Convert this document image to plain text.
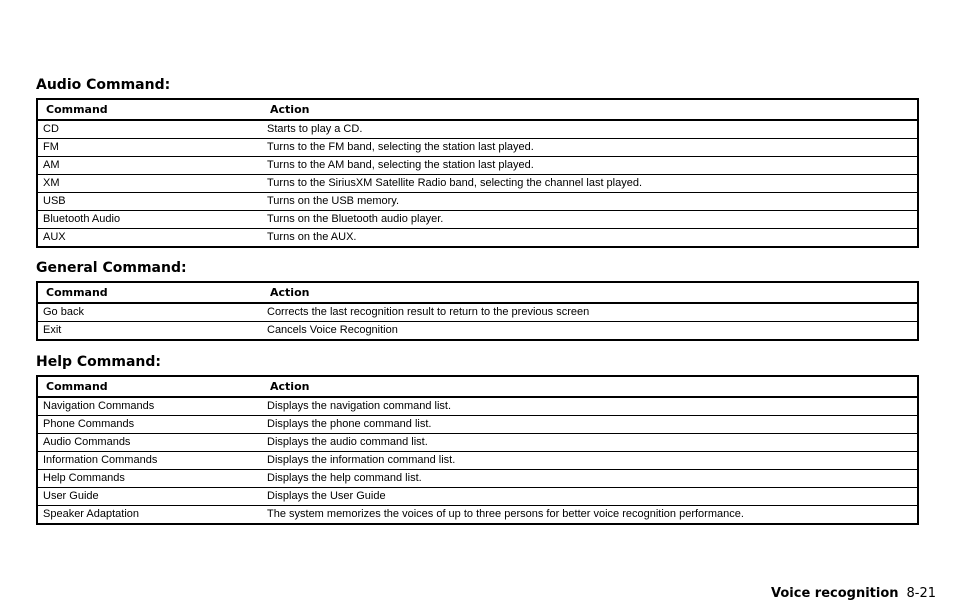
Audio Command:
Command	Action
CD	Starts to play a CD.
FM	Turns to the FM band, selecting the station last played.
AM	Turns to the AM band, selecting the station last played.
XM	Turns to the SiriusXM Satellite Radio band, selecting the channel last played.
USB	Turns on the USB memory.
Bluetooth Audio	Turns on the Bluetooth audio player.
AUX	Turns on the AUX.
General Command:
Command	Action
Go back	Corrects the last recognition result to return to the previous screen
Exit	Cancels Voice Recognition
Help Command:
Command	Action
Navigation Commands	Displays the navigation command list.
Phone Commands	Displays the phone command list.
Audio Commands	Displays the audio command list.
Information Commands	Displays the information command list.
Help Commands	Displays the help command list.
User Guide	Displays the User Guide
Speaker Adaptation	The system memorizes the voices of up to three persons for better voice recognition performance.
Voice recognition 8-21
